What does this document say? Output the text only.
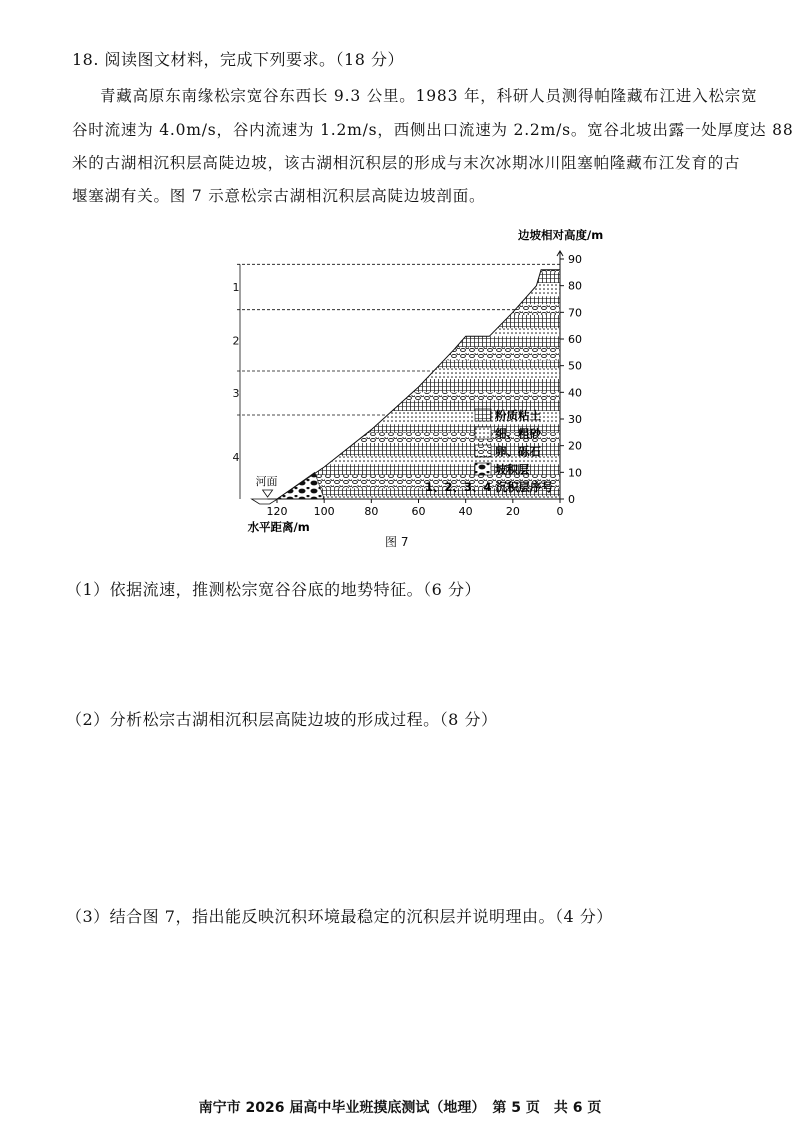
18. 阅读图文材料，完成下列要求。（18 分）
青藏高原东南缘松宗宽谷东西长 9.3 公里。1983 年，科研人员测得帕隆藏布江进入松宗宽
谷时流速为 4.0m/s，谷内流速为 1.2m/s，西侧出口流速为 2.2m/s。宽谷北坡出露一处厚度达 88
米的古湖相沉积层高陡边坡，该古湖相沉积层的形成与末次冰期冰川阻塞帕隆藏布江发育的古
堰塞湖有关。图 7 示意松宗古湖相沉积层高陡边坡剖面。
河面
1
2
3
4
120 100	80	60	40	20	0
0
10
20
30
40
50
60
70
80
90
边坡相对高度/m
水平距离/m
粉质粘土
细、粗砂
卵、砾石
坡积层
1、2、3、4 沉积层序号
图 7
（1）依据流速，推测松宗宽谷谷底的地势特征。（6 分）
（2）分析松宗古湖相沉积层高陡边坡的形成过程。（8 分）
（3）结合图 7，指出能反映沉积环境最稳定的沉积层并说明理由。（4 分）
南宁市 2026 届高中毕业班摸底测试（地理）　第 5 页　共 6 页
